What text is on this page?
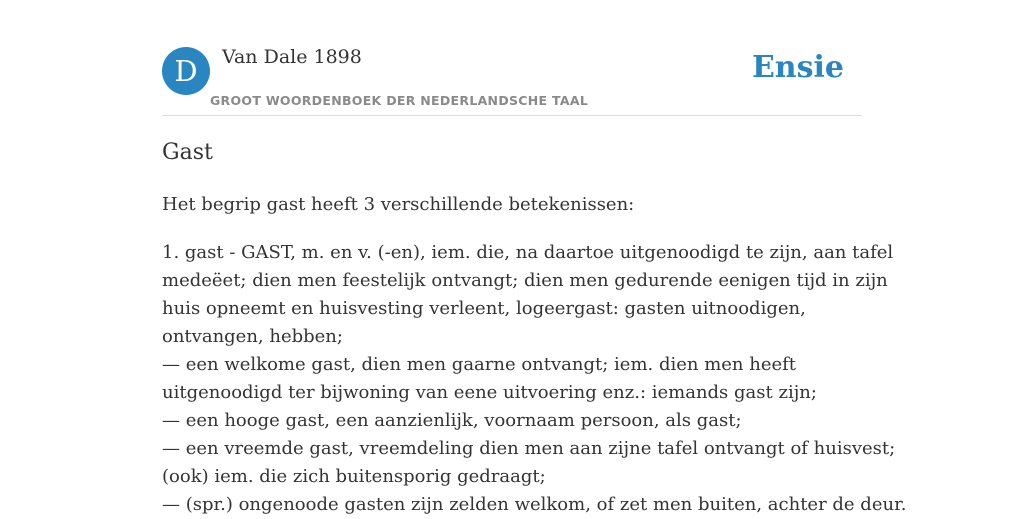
D	Van Dale 1898
GROOT WOORDENBOEK DER NEDERLANDSCHE TAAL
Ensie
Gast
Het begrip gast heeft 3 verschillende betekenissen:
1. gast - GAST, m. en v. (-en), iem. die, na daartoe uitgenoodigd te zijn, aan tafel
medeëet; dien men feestelijk ontvangt; dien men gedurende eenigen tijd in zijn
huis opneemt en huisvesting verleent, logeergast: gasten uitnoodigen,
ontvangen, hebben;
— een welkome gast, dien men gaarne ontvangt; iem. dien men heeft
uitgenoodigd ter bijwoning van eene uitvoering enz.: iemands gast zijn;
— een hooge gast, een aanzienlijk, voornaam persoon, als gast;
— een vreemde gast, vreemdeling dien men aan zijne tafel ontvangt of huisvest;
(ook) iem. die zich buitensporig gedraagt;
— (spr.) ongenoode gasten zijn zelden welkom, of zet men buiten, achter de deur.
